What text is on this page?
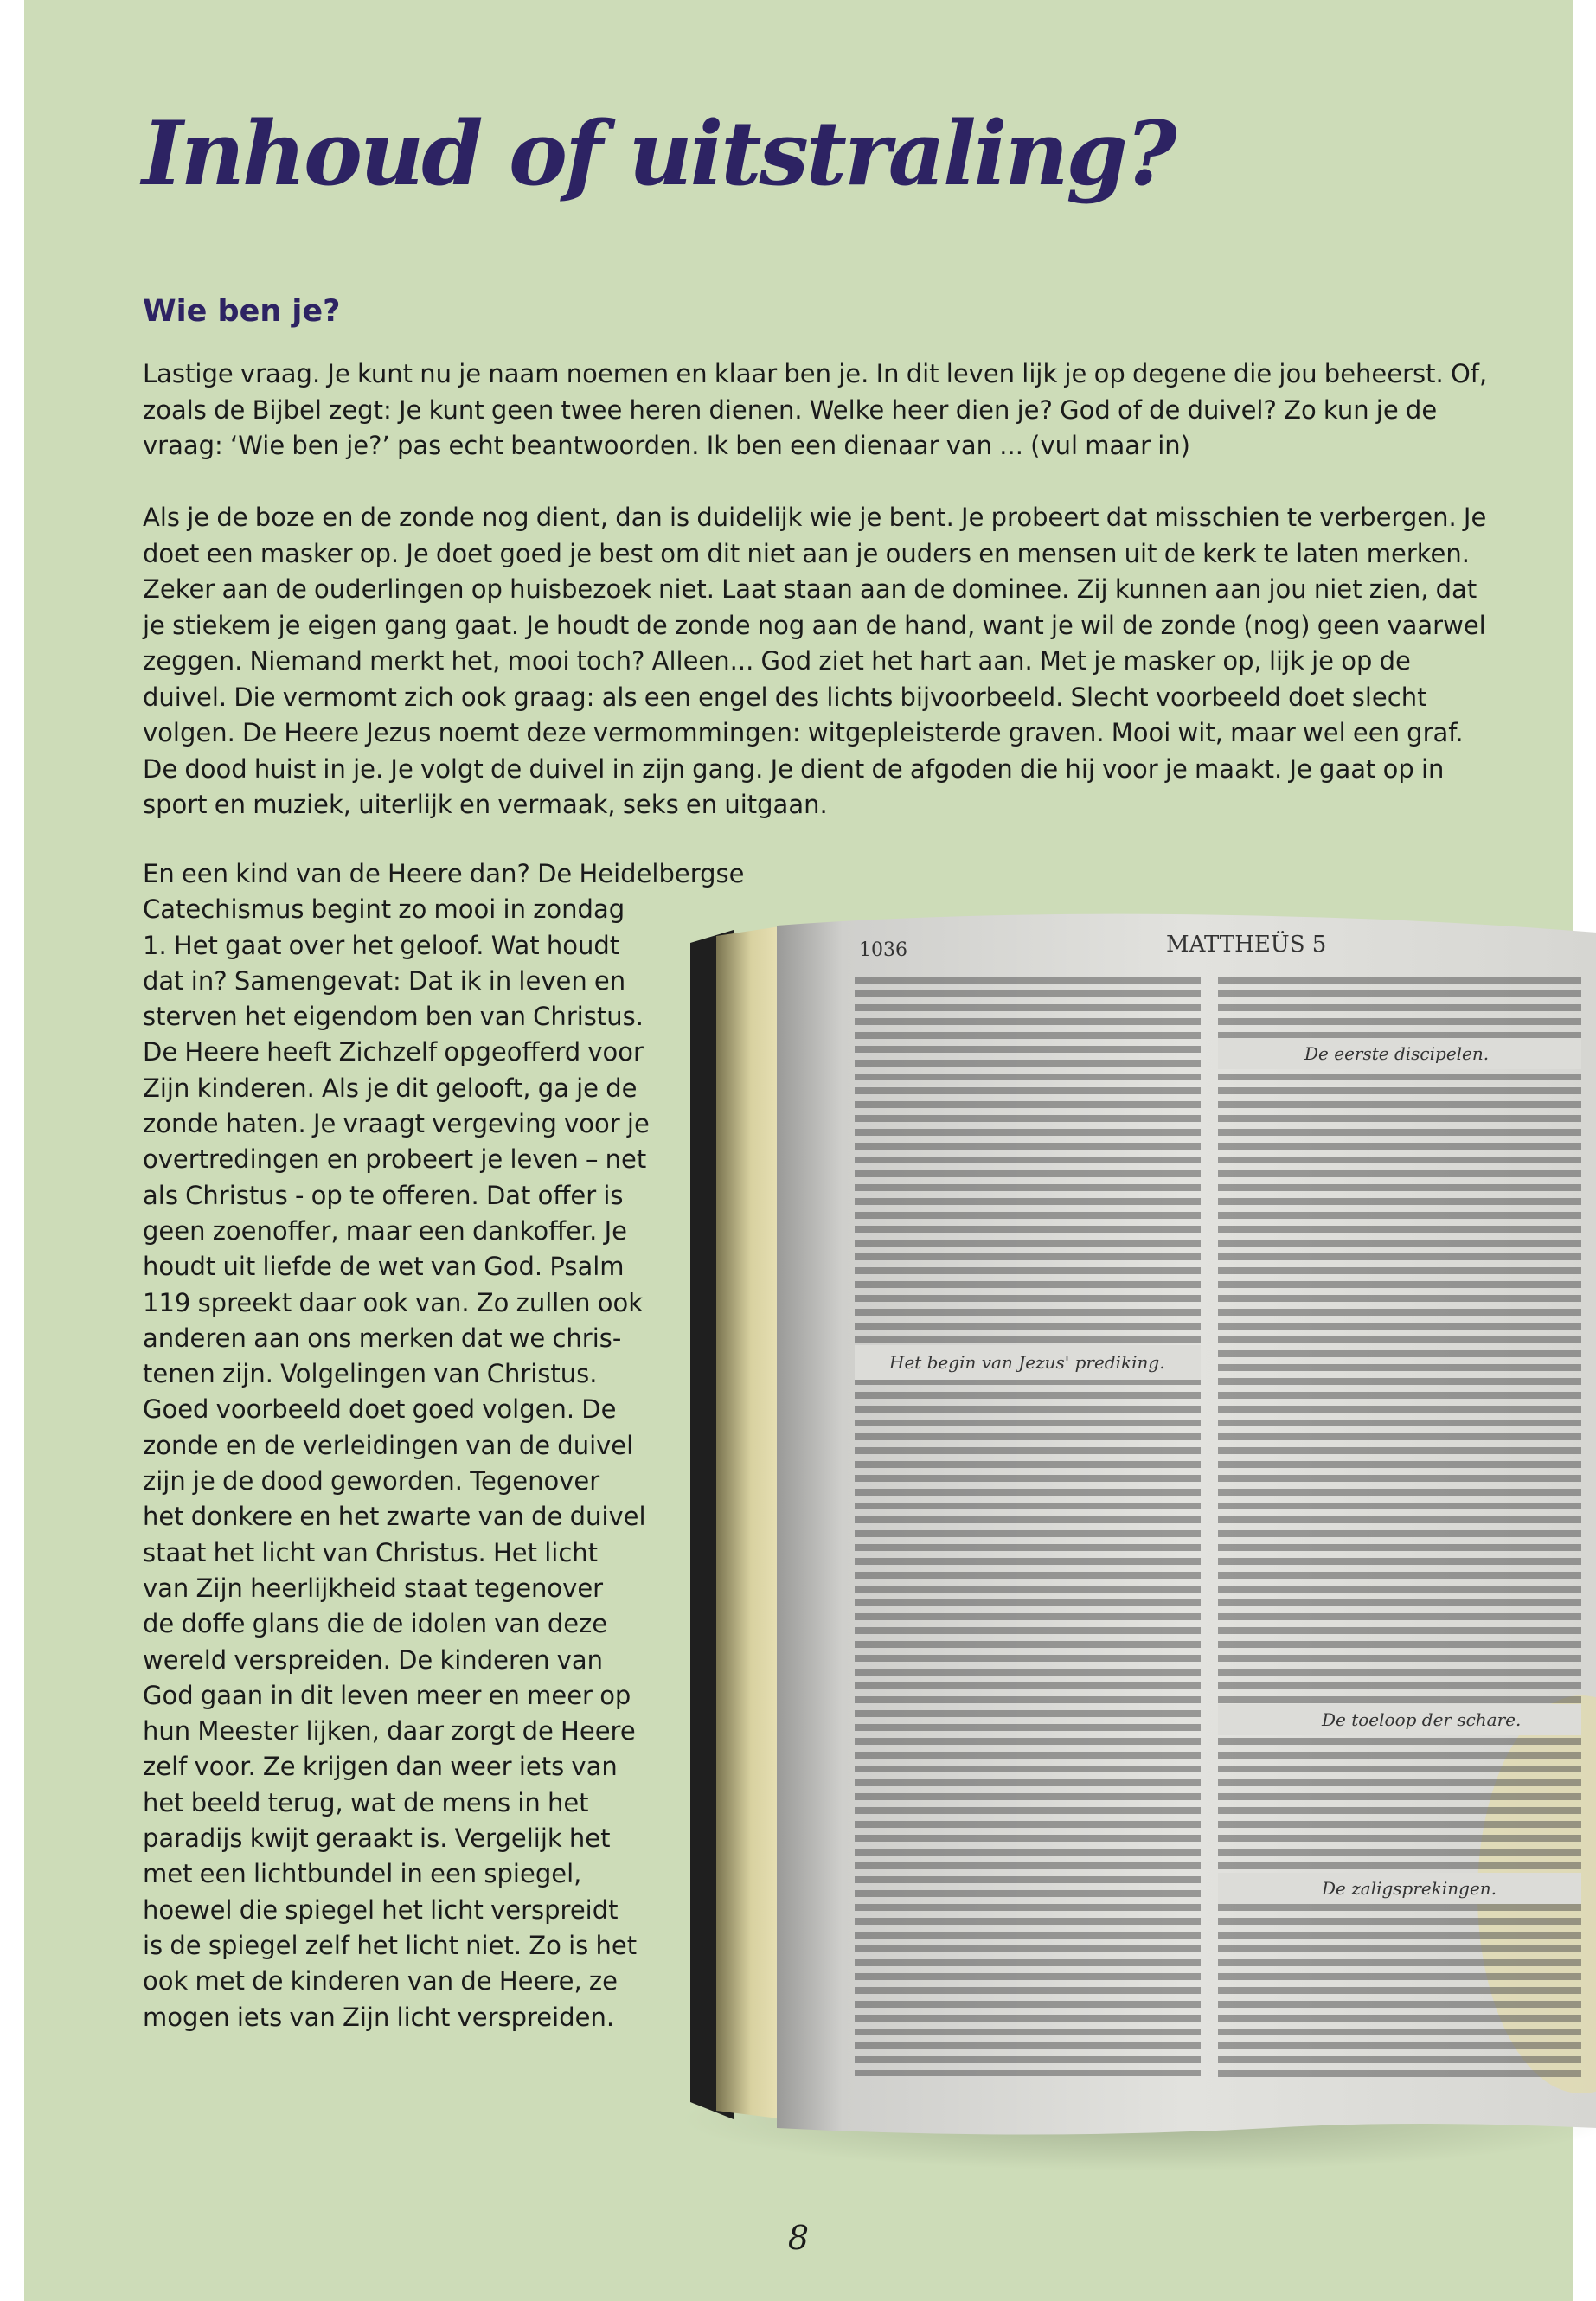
Inhoud of uitstraling?
Wie ben je?

Lastige vraag. Je kunt nu je naam noemen en klaar ben je. In dit leven lijk je op degene die jou beheerst. Of, zoals de Bijbel zegt: Je kunt geen twee heren dienen. Welke heer dien je? God of de duivel? Zo kun je de vraag: ‘Wie ben je?’ pas echt beantwoorden. Ik ben een dienaar van ... (vul maar in)

Als je de boze en de zonde nog dient, dan is duidelijk wie je bent. Je probeert dat misschien te verbergen. Je doet een masker op. Je doet goed je best om dit niet aan je ouders en mensen uit de kerk te laten merken. Zeker aan de ouderlingen op huisbezoek niet. Laat staan aan de dominee. Zij kunnen aan jou niet zien, dat je stiekem je eigen gang gaat. Je houdt de zonde nog aan de hand, want je wil de zonde (nog) geen vaarwel zeggen. Niemand merkt het, mooi toch? Alleen... God ziet het hart aan. Met je masker op, lijk je op de duivel. Die vermomt zich ook graag: als een engel des lichts bijvoorbeeld. Slecht voorbeeld doet slecht volgen. De Heere Jezus noemt deze vermommingen: witgepleisterde graven. Mooi wit, maar wel een graf. De dood huist in je. Je volgt de duivel in zijn gang. Je dient de afgoden die hij voor je maakt. Je gaat op in sport en muziek, uiterlijk en vermaak, seks en uitgaan.

En een kind van de Heere dan? De Heidelbergse
Catechismus begint zo mooi in zondag
1. Het gaat over het geloof. Wat houdt
dat in? Samengevat: Dat ik in leven en
sterven het eigendom ben van Christus.
De Heere heeft Zichzelf opgeofferd voor
Zijn kinderen. Als je dit gelooft, ga je de
zonde haten. Je vraagt vergeving voor je
overtredingen en probeert je leven – net
als Christus - op te offeren. Dat offer is
geen zoenoffer, maar een dankoffer. Je
houdt uit liefde de wet van God. Psalm
119 spreekt daar ook van. Zo zullen ook
anderen aan ons merken dat we chris-
tenen zijn. Volgelingen van Christus.
Goed voorbeeld doet goed volgen. De
zonde en de verleidingen van de duivel
zijn je de dood geworden. Tegenover
het donkere en het zwarte van de duivel
staat het licht van Christus. Het licht
van Zijn heerlijkheid staat tegenover
de doffe glans die de idolen van deze
wereld verspreiden. De kinderen van
God gaan in dit leven meer en meer op
hun Meester lijken, daar zorgt de Heere
zelf voor. Ze krijgen dan weer iets van
het beeld terug, wat de mens in het
paradijs kwijt geraakt is. Vergelijk het
met een lichtbundel in een spiegel,
hoewel die spiegel het licht verspreidt
is de spiegel zelf het licht niet. Zo is het
ook met de kinderen van de Heere, ze
mogen iets van Zijn licht verspreiden.
1036	MATTHEÜS 5
Het begin van Jezus' prediking.
De eerste discipelen.
De toeloop der schare.
De zaligsprekingen.

8
